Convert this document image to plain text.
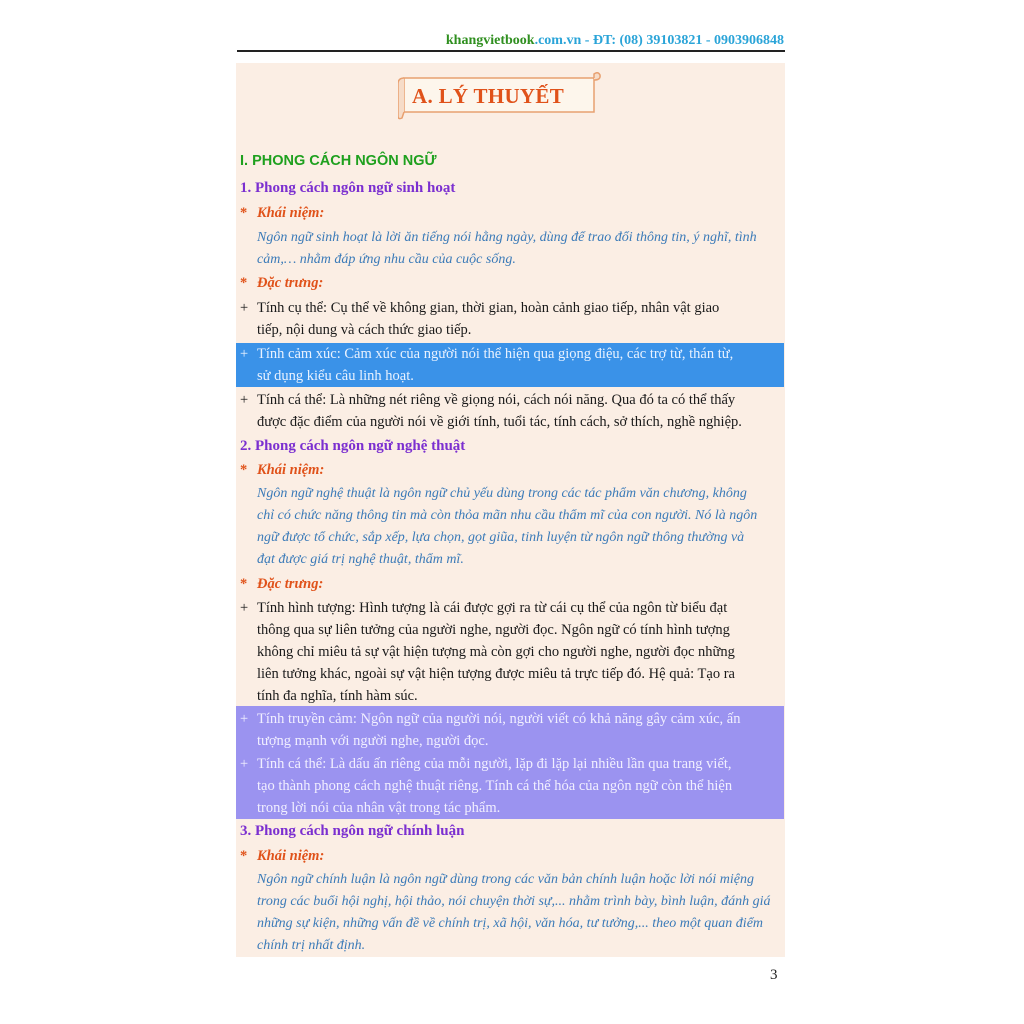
khangvietbook.com.vn - ĐT: (08) 39103821 - 0903906848
A. LÝ THUYẾT
I. PHONG CÁCH NGÔN NGỮ
1. Phong cách ngôn ngữ sinh hoạt
* Khái niệm:
Ngôn ngữ sinh hoạt là lời ăn tiếng nói hằng ngày, dùng để trao đổi thông tin, ý nghĩ, tình
cảm,… nhằm đáp ứng nhu cầu của cuộc sống.
* Đặc trưng:
+ Tính cụ thể: Cụ thể về không gian, thời gian, hoàn cảnh giao tiếp, nhân vật giao
tiếp, nội dung và cách thức giao tiếp.
+ Tính cảm xúc: Cảm xúc của người nói thể hiện qua giọng điệu, các trợ từ, thán từ,
sử dụng kiểu câu linh hoạt.
+ Tính cá thể: Là những nét riêng về giọng nói, cách nói năng. Qua đó ta có thể thấy
được đặc điểm của người nói về giới tính, tuổi tác, tính cách, sở thích, nghề nghiệp.
2. Phong cách ngôn ngữ nghệ thuật
* Khái niệm:
Ngôn ngữ nghệ thuật là ngôn ngữ chủ yếu dùng trong các tác phẩm văn chương, không
chỉ có chức năng thông tin mà còn thỏa mãn nhu cầu thẩm mĩ của con người. Nó là ngôn
ngữ được tổ chức, sắp xếp, lựa chọn, gọt giũa, tinh luyện từ ngôn ngữ thông thường và
đạt được giá trị nghệ thuật, thẩm mĩ.
* Đặc trưng:
+ Tính hình tượng: Hình tượng là cái được gợi ra từ cái cụ thể của ngôn từ biểu đạt
thông qua sự liên tưởng của người nghe, người đọc. Ngôn ngữ có tính hình tượng
không chỉ miêu tả sự vật hiện tượng mà còn gợi cho người nghe, người đọc những
liên tưởng khác, ngoài sự vật hiện tượng được miêu tả trực tiếp đó. Hệ quả: Tạo ra
tính đa nghĩa, tính hàm súc.
+ Tính truyền cảm: Ngôn ngữ của người nói, người viết có khả năng gây cảm xúc, ấn
tượng mạnh với người nghe, người đọc.
+ Tính cá thể: Là dấu ấn riêng của mỗi người, lặp đi lặp lại nhiều lần qua trang viết,
tạo thành phong cách nghệ thuật riêng. Tính cá thể hóa của ngôn ngữ còn thể hiện
trong lời nói của nhân vật trong tác phẩm.
3. Phong cách ngôn ngữ chính luận
* Khái niệm:
Ngôn ngữ chính luận là ngôn ngữ dùng trong các văn bản chính luận hoặc lời nói miệng
trong các buổi hội nghị, hội thảo, nói chuyện thời sự,... nhằm trình bày, bình luận, đánh giá
những sự kiện, những vấn đề về chính trị, xã hội, văn hóa, tư tưởng,... theo một quan điểm
chính trị nhất định.
3
